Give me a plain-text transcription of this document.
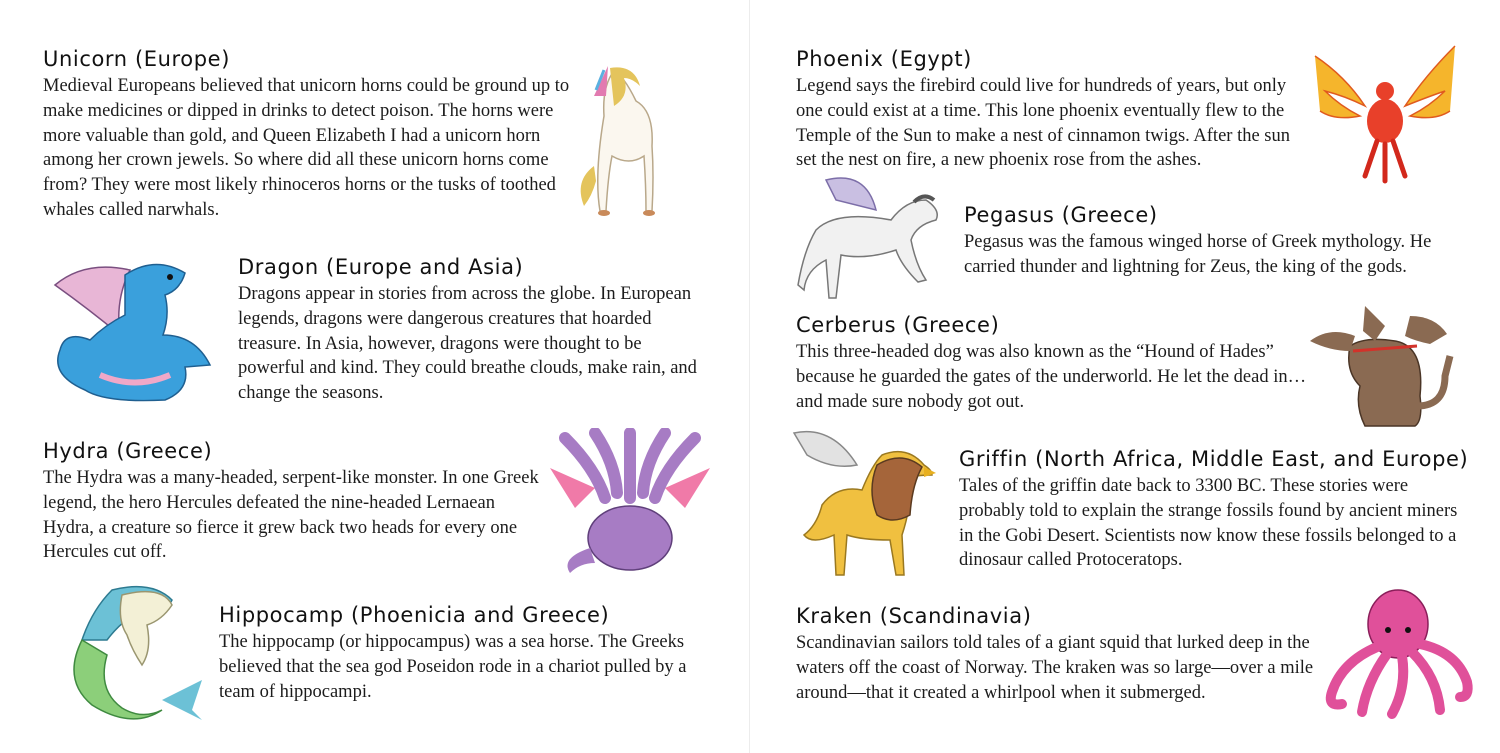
Unicorn (Europe)

Medieval Europeans believed that unicorn horns could be ground up to make medicines or dipped in drinks to detect poison. The horns were more valuable than gold, and Queen Elizabeth I had a unicorn horn among her crown jewels. So where did all these unicorn horns come from? They were most likely rhinoceros horns or the tusks of toothed whales called narwhals.

Dragon (Europe and Asia)

Dragons appear in stories from across the globe. In European legends, dragons were dangerous creatures that hoarded treasure. In Asia, however, dragons were thought to be powerful and kind. They could breathe clouds, make rain, and change the seasons.

Hydra (Greece)

The Hydra was a many-headed, serpent-like monster. In one Greek legend, the hero Hercules defeated the nine-headed Lernaean Hydra, a creature so fierce it grew back two heads for every one Hercules cut off.

Hippocamp (Phoenicia and Greece)

The hippocamp (or hippocampus) was a sea horse. The Greeks believed that the sea god Poseidon rode in a chariot pulled by a team of hippocampi.

Phoenix (Egypt)

Legend says the firebird could live for hundreds of years, but only one could exist at a time. This lone phoenix eventually flew to the Temple of the Sun to make a nest of cinnamon twigs. After the sun set the nest on fire, a new phoenix rose from the ashes.

Pegasus (Greece)

Pegasus was the famous winged horse of Greek mythology. He carried thunder and lightning for Zeus, the king of the gods.

Cerberus (Greece)

This three-headed dog was also known as the “Hound of Hades” because he guarded the gates of the underworld. He let the dead in…and made sure nobody got out.

Griffin (North Africa, Middle East, and Europe)

Tales of the griffin date back to 3300 BC. These stories were probably told to explain the strange fossils found by ancient miners in the Gobi Desert. Scientists now know these fossils belonged to a dinosaur called Protoceratops.

Kraken (Scandinavia)

Scandinavian sailors told tales of a giant squid that lurked deep in the waters off the coast of Norway. The kraken was so large—over a mile around—that it created a whirlpool when it submerged.
